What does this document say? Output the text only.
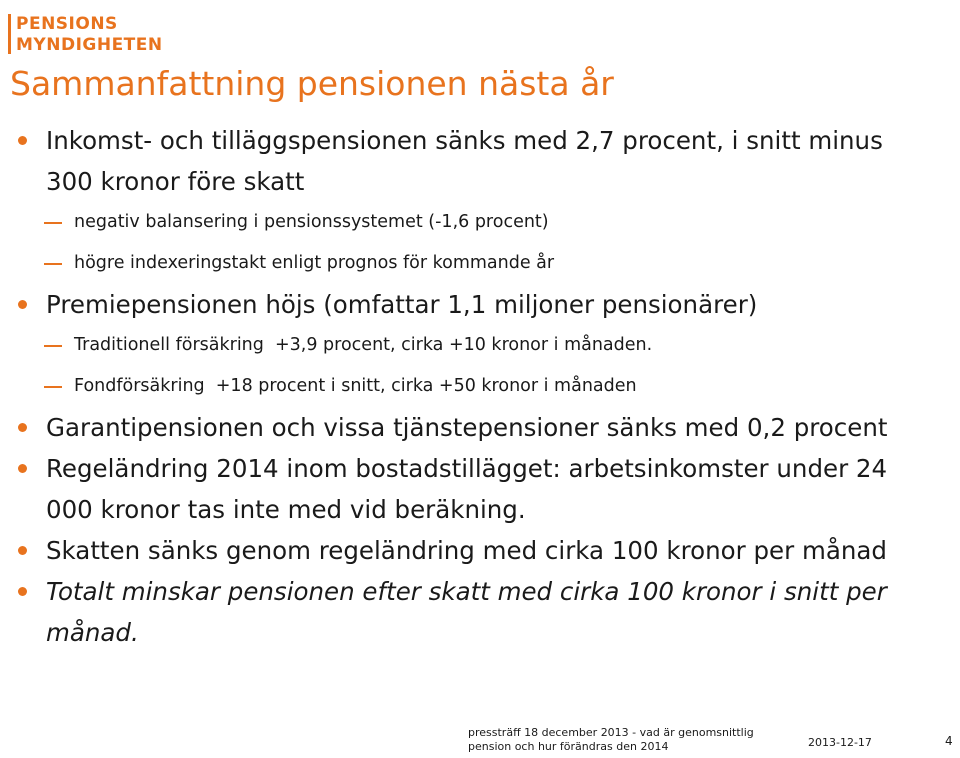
PENSIONS
MYNDIGHETEN
Sammanfattning pensionen nästa år
Inkomst- och tilläggspensionen sänks med 2,7 procent, i snitt minus 300 kronor före skatt
negativ balansering i pensionssystemet (-1,6 procent)
högre indexeringstakt enligt prognos för kommande år
Premiepensionen höjs (omfattar 1,1 miljoner pensionärer)
Traditionell försäkring  +3,9 procent, cirka +10 kronor i månaden.
Fondförsäkring  +18 procent i snitt, cirka +50 kronor i månaden
Garantipensionen och vissa tjänstepensioner sänks med 0,2 procent
Regeländring 2014 inom bostadstillägget: arbetsinkomster under 24 000 kronor tas inte med vid beräkning.
Skatten sänks genom regeländring med cirka 100 kronor per månad
Totalt minskar pensionen efter skatt med cirka 100 kronor i snitt per månad.
pressträff 18 december 2013 - vad är genomsnittlig
pension och hur förändras den 2014	2013-12-17	4
